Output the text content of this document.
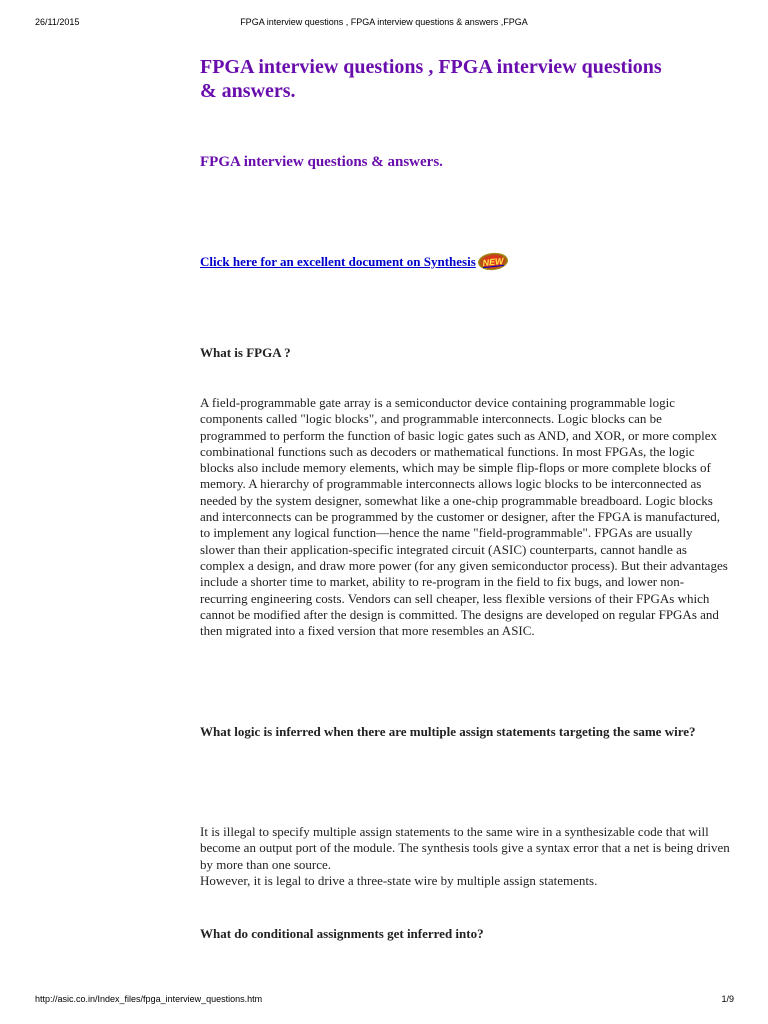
26/11/2015	FPGA interview questions , FPGA interview questions & answers ,FPGA
FPGA interview questions , FPGA interview questions & answers.
FPGA interview questions & answers.
Click here for an excellent document on Synthesis NEW

What is FPGA ?

A field-programmable gate array is a semiconductor device containing programmable logic components called "logic blocks", and programmable interconnects. Logic blocks can be programmed to perform the function of basic logic gates such as AND, and XOR, or more complex combinational functions such as decoders or mathematical functions. In most FPGAs, the logic blocks also include memory elements, which may be simple flip-flops or more complete blocks of memory. A hierarchy of programmable interconnects allows logic blocks to be interconnected as needed by the system designer, somewhat like a one-chip programmable breadboard. Logic blocks and interconnects can be programmed by the customer or designer, after the FPGA is manufactured, to implement any logical function—hence the name "field-programmable". FPGAs are usually slower than their application-specific integrated circuit (ASIC) counterparts, cannot handle as complex a design, and draw more power (for any given semiconductor process). But their advantages include a shorter time to market, ability to re-program in the field to fix bugs, and lower non-recurring engineering costs. Vendors can sell cheaper, less flexible versions of their FPGAs which cannot be modified after the design is committed. The designs are developed on regular FPGAs and then migrated into a fixed version that more resembles an ASIC.

What logic is inferred when there are multiple assign statements targeting the same wire?

It is illegal to specify multiple assign statements to the same wire in a synthesizable code that will become an output port of the module. The synthesis tools give a syntax error that a net is being driven by more than one source.

However, it is legal to drive a three-state wire by multiple assign statements.

What do conditional assignments get inferred into?

http://asic.co.in/Index_files/fpga_interview_questions.htm	1/9
